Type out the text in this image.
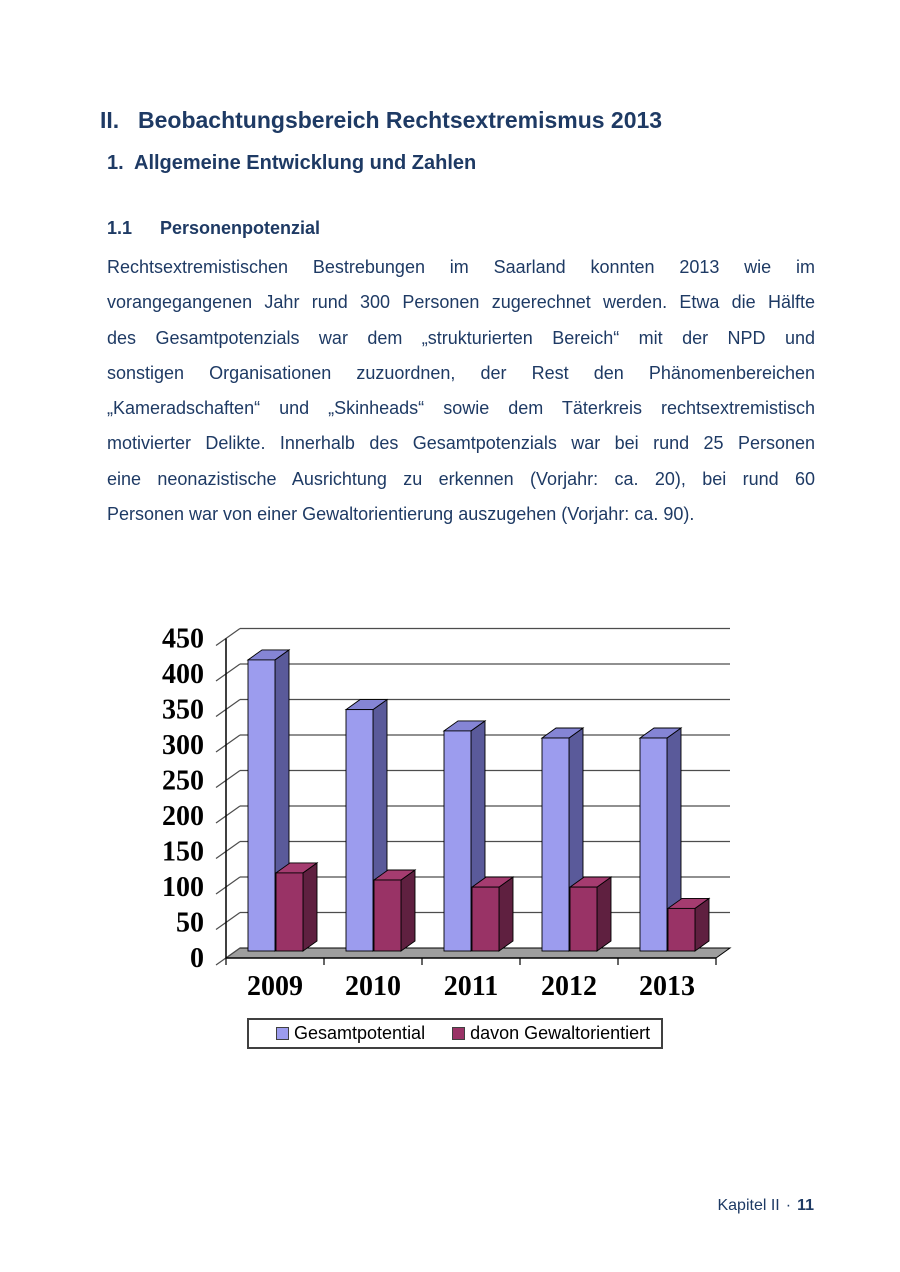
II. Beobachtungsbereich Rechtsextremismus 2013
1. Allgemeine Entwicklung und Zahlen
1.1	Personenpotenzial
Rechtsextremistischen Bestrebungen im Saarland konnten 2013 wie im
vorangegangenen Jahr rund 300 Personen zugerechnet werden. Etwa die Hälfte
des Gesamtpotenzials war dem „strukturierten Bereich“ mit der NPD und
sonstigen Organisationen zuzuordnen, der Rest den Phänomenbereichen
„Kameradschaften“ und „Skinheads“ sowie dem Täterkreis rechtsextremistisch
motivierter Delikte. Innerhalb des Gesamtpotenzials war bei rund 25 Personen
eine neonazistische Ausrichtung zu erkennen (Vorjahr: ca. 20), bei rund 60
Personen war von einer Gewaltorientierung auszugehen (Vorjahr: ca. 90).
0
50
100
150
200
250
300
350
400
450
2009 2010 2011 2012 2013
Gesamtpotential	davon Gewaltorientiert
Kapitel II · 11
